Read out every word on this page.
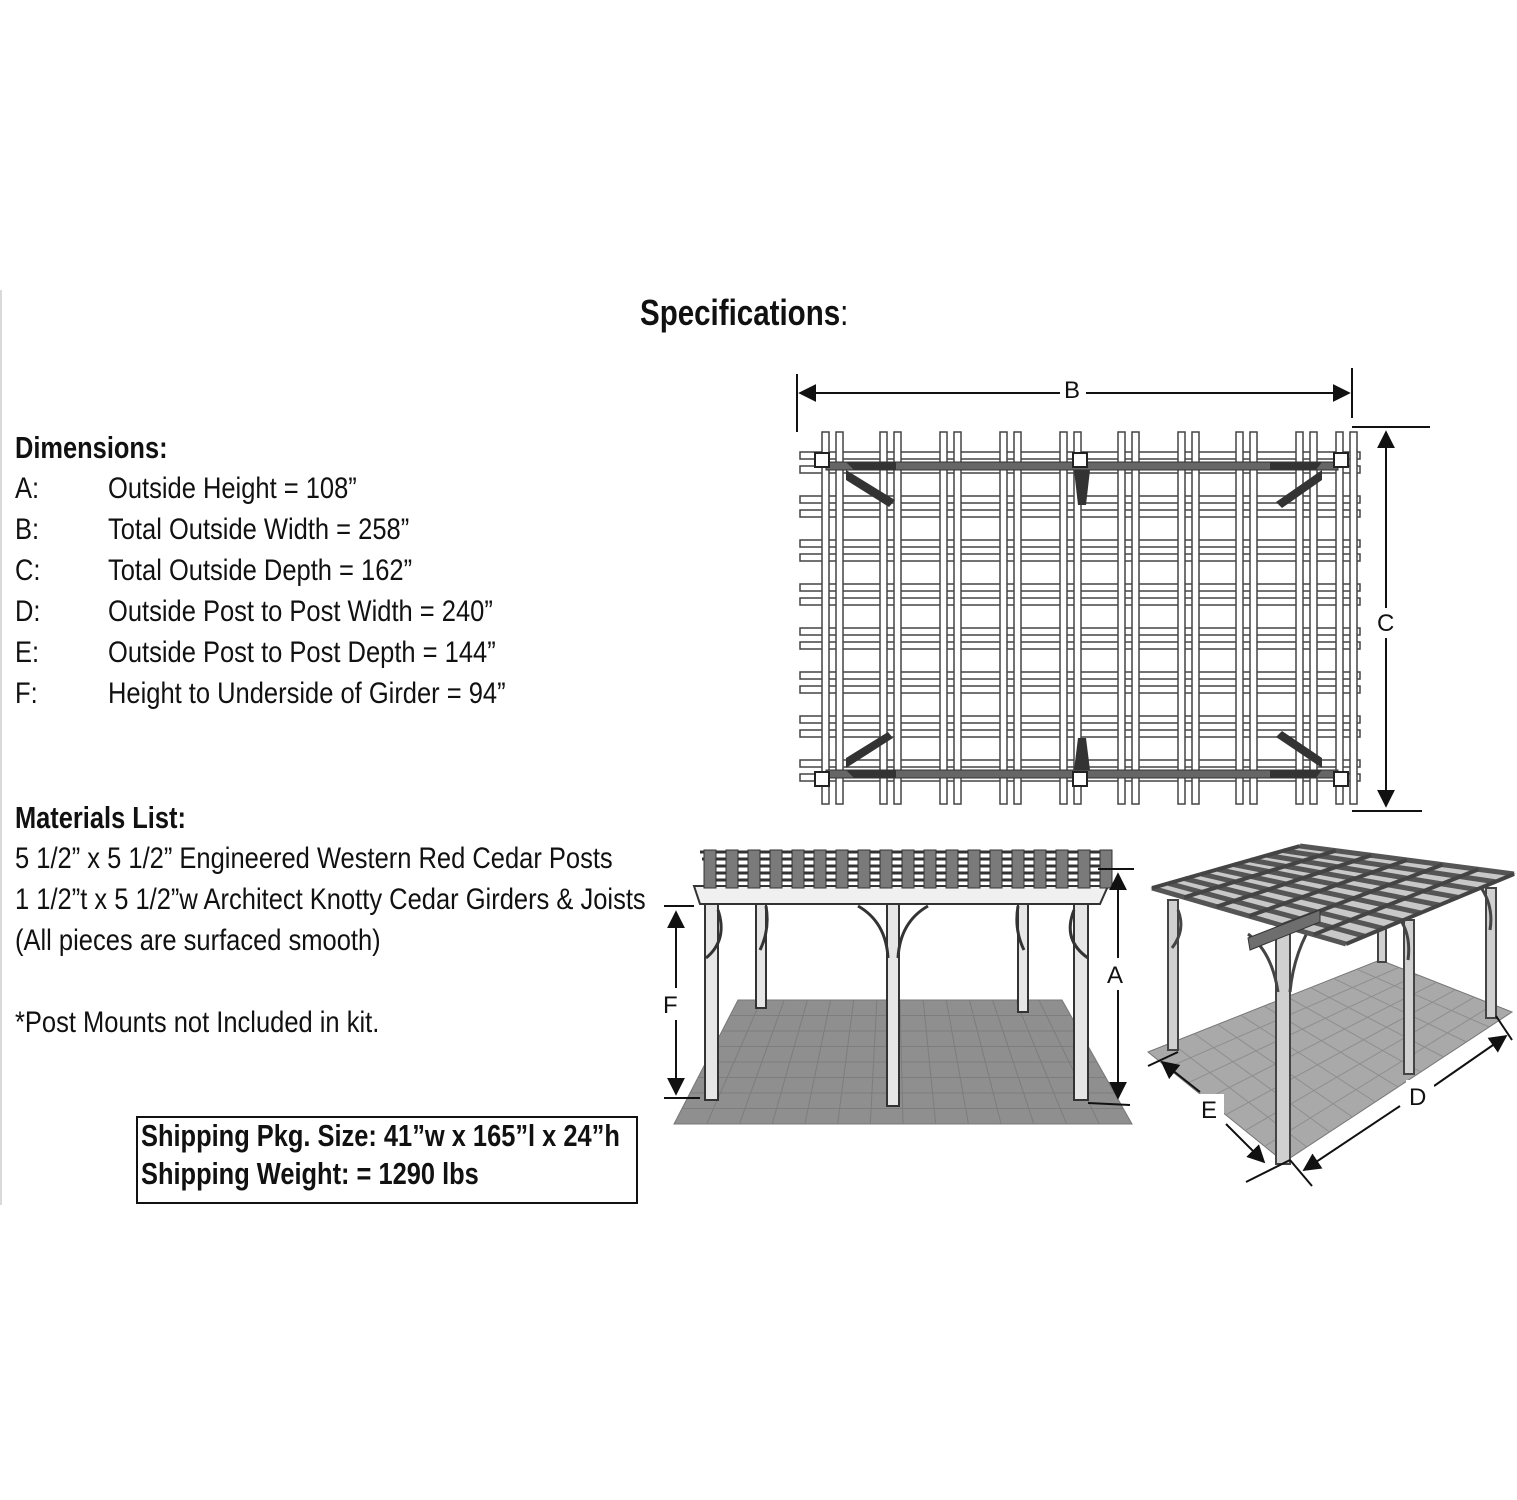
Specifications:
Dimensions:
A: Outside Height = 108”
B: Total Outside Width = 258”
C: Total Outside Depth = 162”
D: Outside Post to Post Width = 240”
E: Outside Post to Post Depth = 144”
F: Height to Underside of Girder = 94”
Materials List:
5 1/2” x 5 1/2” Engineered Western Red Cedar Posts
1 1/2”t x 5 1/2”w Architect Knotty Cedar Girders & Joists
(All pieces are surfaced smooth)
*Post Mounts not Included in kit.
Shipping Pkg. Size: 41”w x 165”l x 24”h
Shipping Weight: = 1290 lbs
B
C
A
F
E	D
